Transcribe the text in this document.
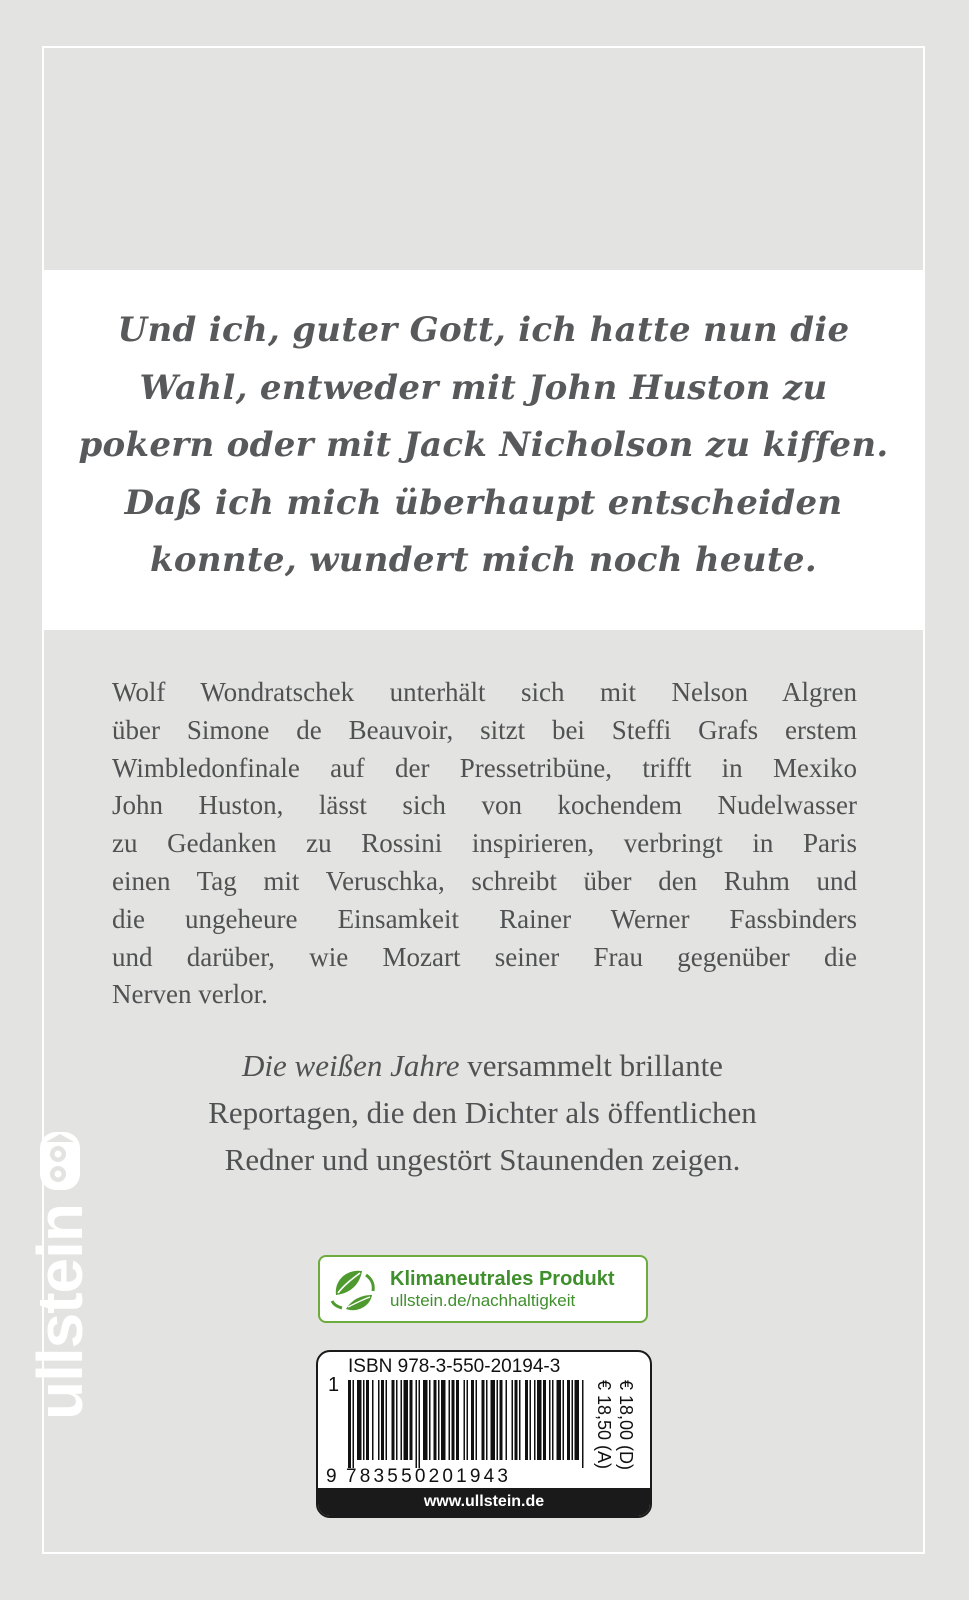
Und ich, guter Gott, ich hatte nun die
Wahl, entweder mit John Huston zu
pokern oder mit Jack Nicholson zu kiffen.
Daß ich mich überhaupt entscheiden
konnte, wundert mich noch heute.

Wolf Wondratschek unterhält sich mit Nelson Algren
über Simone de Beauvoir, sitzt bei Steffi Grafs erstem
Wimbledonfinale auf der Pressetribüne, trifft in Mexiko
John Huston, lässt sich von kochendem Nudelwasser
zu Gedanken zu Rossini inspirieren, verbringt in Paris
einen Tag mit Veruschka, schreibt über den Ruhm und
die ungeheure Einsamkeit Rainer Werner Fassbinders
und darüber, wie Mozart seiner Frau gegenüber die
Nerven verlor.

Die weißen Jahre versammelt brillante
Reportagen, die den Dichter als öffentlichen
Redner und ungestört Staunenden zeigen.

ullstein	Klimaneutrales Produkt
ullstein.de/nachhaltigkeit
ISBN 978-3-550-20194-3
1
9 783550201943
€ 18,00 (D)
€ 18,50 (A)
www.ullstein.de
